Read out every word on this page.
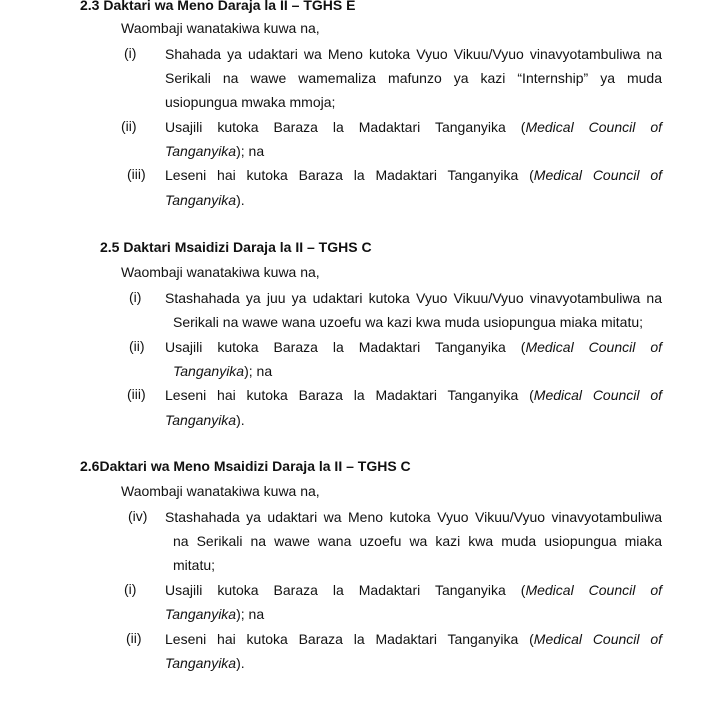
2.3 Daktari wa Meno Daraja la II – TGHS E
Waombaji wanatakiwa kuwa na,
(i) Shahada ya udaktari wa Meno kutoka Vyuo Vikuu/Vyuo vinavyotambuliwa na
Serikali na wawe wamemaliza mafunzo ya kazi “Internship” ya muda
usiopungua mwaka mmoja;
(ii) Usajili kutoka Baraza la Madaktari Tanganyika (Medical Council of
Tanganyika); na
(iii) Leseni hai kutoka Baraza la Madaktari Tanganyika (Medical Council of
Tanganyika).
2.5 Daktari Msaidizi Daraja la II – TGHS C
Waombaji wanatakiwa kuwa na,
(i) Stashahada ya juu ya udaktari kutoka Vyuo Vikuu/Vyuo vinavyotambuliwa na
Serikali na wawe wana uzoefu wa kazi kwa muda usiopungua miaka mitatu;
(ii) Usajili kutoka Baraza la Madaktari Tanganyika (Medical Council of
Tanganyika); na
(iii) Leseni hai kutoka Baraza la Madaktari Tanganyika (Medical Council of
Tanganyika).
2.6Daktari wa Meno Msaidizi Daraja la II – TGHS C
Waombaji wanatakiwa kuwa na,
(iv) Stashahada ya udaktari wa Meno kutoka Vyuo Vikuu/Vyuo vinavyotambuliwa
na Serikali na wawe wana uzoefu wa kazi kwa muda usiopungua miaka
mitatu;
(i) Usajili kutoka Baraza la Madaktari Tanganyika (Medical Council of
Tanganyika); na
(ii) Leseni hai kutoka Baraza la Madaktari Tanganyika (Medical Council of
Tanganyika).
